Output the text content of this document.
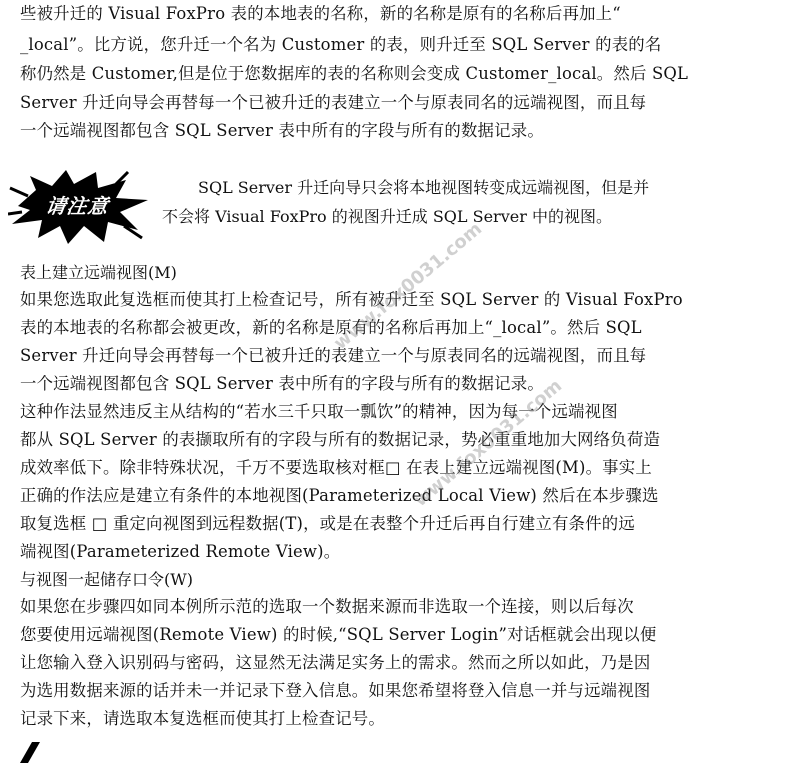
些被升迁的 Visual FoxPro 表的本地表的名称，新的名称是原有的名称后再加上“
_local”。比方说，您升迁一个名为 Customer 的表，则升迁至 SQL Server 的表的名
称仍然是 Customer,但是位于您数据库的表的名称则会变成 Customer_local。然后 SQL
Server 升迁向导会再替每一个已被升迁的表建立一个与原表同名的远端视图，而且每
一个远端视图都包含 SQL Server 表中所有的字段与所有的数据记录。
请注意
SQL Server 升迁向导只会将本地视图转变成远端视图，但是并
不会将 Visual FoxPro 的视图升迁成 SQL Server 中的视图。
表上建立远端视图(M)
如果您选取此复选框而使其打上检查记号，所有被升迁至 SQL Server 的 Visual FoxPro
表的本地表的名称都会被更改，新的名称是原有的名称后再加上“_local”。然后 SQL
Server 升迁向导会再替每一个已被升迁的表建立一个与原表同名的远端视图，而且每
一个远端视图都包含 SQL Server 表中所有的字段与所有的数据记录。
这种作法显然违反主从结构的“若水三千只取一瓢饮”的精神，因为每一个远端视图
都从 SQL Server 的表撷取所有的字段与所有的数据记录，势必重重地加大网络负荷造
成效率低下。除非特殊状况，千万不要选取核对框□ 在表上建立远端视图(M)。事实上
正确的作法应是建立有条件的本地视图(Parameterized Local View) 然后在本步骤选
取复选框 □ 重定向视图到远程数据(T)，或是在表整个升迁后再自行建立有条件的远
端视图(Parameterized Remote View)。
与视图一起储存口令(W)
如果您在步骤四如同本例所示范的选取一个数据来源而非选取一个连接，则以后每次
您要使用远端视图(Remote View) 的时候,“SQL Server Login”对话框就会出现以便
让您输入登入识别码与密码，这显然无法满足实务上的需求。然而之所以如此，乃是因
为选用数据来源的话并未一并记录下登入信息。如果您希望将登入信息一并与远端视图
记录下来，请选取本复选框而使其打上检查记号。
www.fox0031.com
www.fox0031.com
